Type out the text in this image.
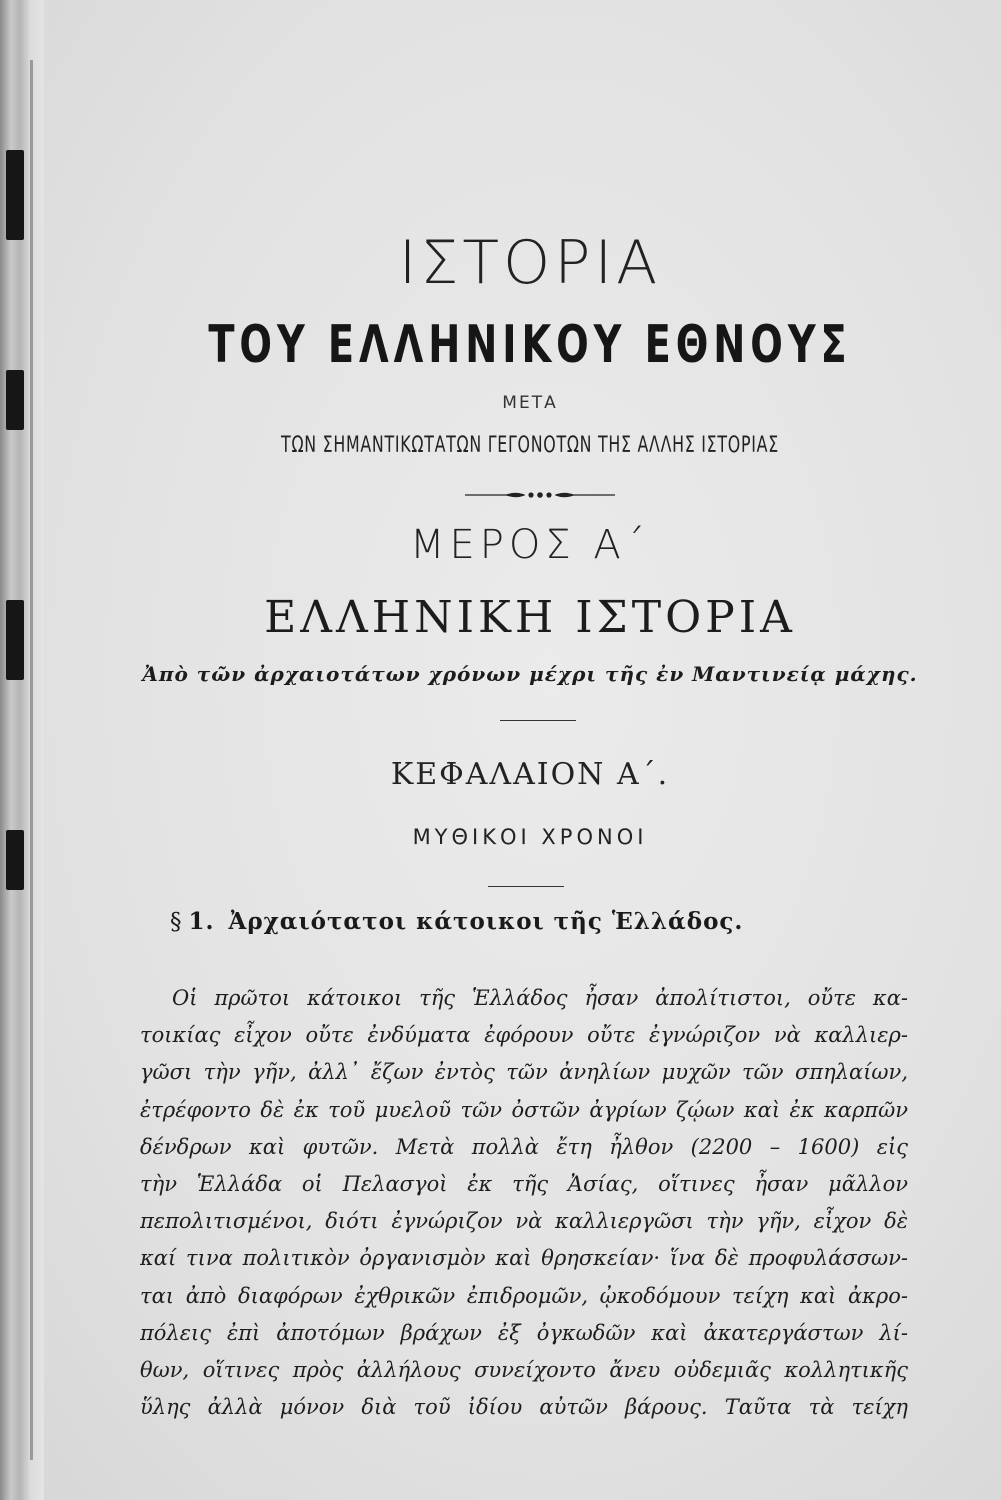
ΙΣΤΟΡΙΑ
ΤΟΥ ΕΛΛΗΝΙΚΟΥ ΕΘΝΟΥΣ
ΜΕΤΑ
ΤΩΝ ΣΗΜΑΝΤΙΚΩΤΑΤΩΝ ΓΕΓΟΝΟΤΩΝ ΤΗΣ ΑΛΛΗΣ ΙΣΤΟΡΙΑΣ
ΜΕΡΟΣ Α΄
ΕΛΛΗΝΙΚΗ ΙΣΤΟΡΙΑ
Ἀπὸ τῶν ἀρχαιοτάτων χρόνων μέχρι τῆς ἐν Μαντινείᾳ μάχης.
ΚΕΦΑΛΑΙΟΝ Α΄.
ΜΥΘΙΚΟΙ ΧΡΟΝΟΙ
§ 1. Ἀρχαιότατοι κάτοικοι τῆς Ἑλλάδος.
Οἱ πρῶτοι κάτοικοι τῆς Ἑλλάδος ἦσαν ἀπολίτιστοι, οὔτε κα-
τοικίας εἶχον οὔτε ἐνδύματα ἐφόρουν οὔτε ἐγνώριζον νὰ καλλιερ-
γῶσι τὴν γῆν, ἀλλ᾽ ἔζων ἐντὸς τῶν ἀνηλίων μυχῶν τῶν σπηλαίων,
ἐτρέφοντο δὲ ἐκ τοῦ μυελοῦ τῶν ὀστῶν ἀγρίων ζῴων καὶ ἐκ καρπῶν
δένδρων καὶ φυτῶν. Μετὰ πολλὰ ἔτη ἦλθον (2200 – 1600) εἰς
τὴν Ἑλλάδα οἱ Πελασγοὶ ἐκ τῆς Ἀσίας, οἵτινες ἦσαν μᾶλλον
πεπολιτισμένοι, διότι ἐγνώριζον νὰ καλλιεργῶσι τὴν γῆν, εἶχον δὲ
καί τινα πολιτικὸν ὀργανισμὸν καὶ θρησκείαν· ἵνα δὲ προφυλάσσων-
ται ἀπὸ διαφόρων ἐχθρικῶν ἐπιδρομῶν, ᾠκοδόμουν τείχη καὶ ἀκρο-
πόλεις ἐπὶ ἀποτόμων βράχων ἐξ ὀγκωδῶν καὶ ἀκατεργάστων λί-
θων, οἵτινες πρὸς ἀλλήλους συνείχοντο ἄνευ οὐδεμιᾶς κολλητικῆς
ὕλης ἀλλὰ μόνον διὰ τοῦ ἰδίου αὐτῶν βάρους. Ταῦτα τὰ τείχη
